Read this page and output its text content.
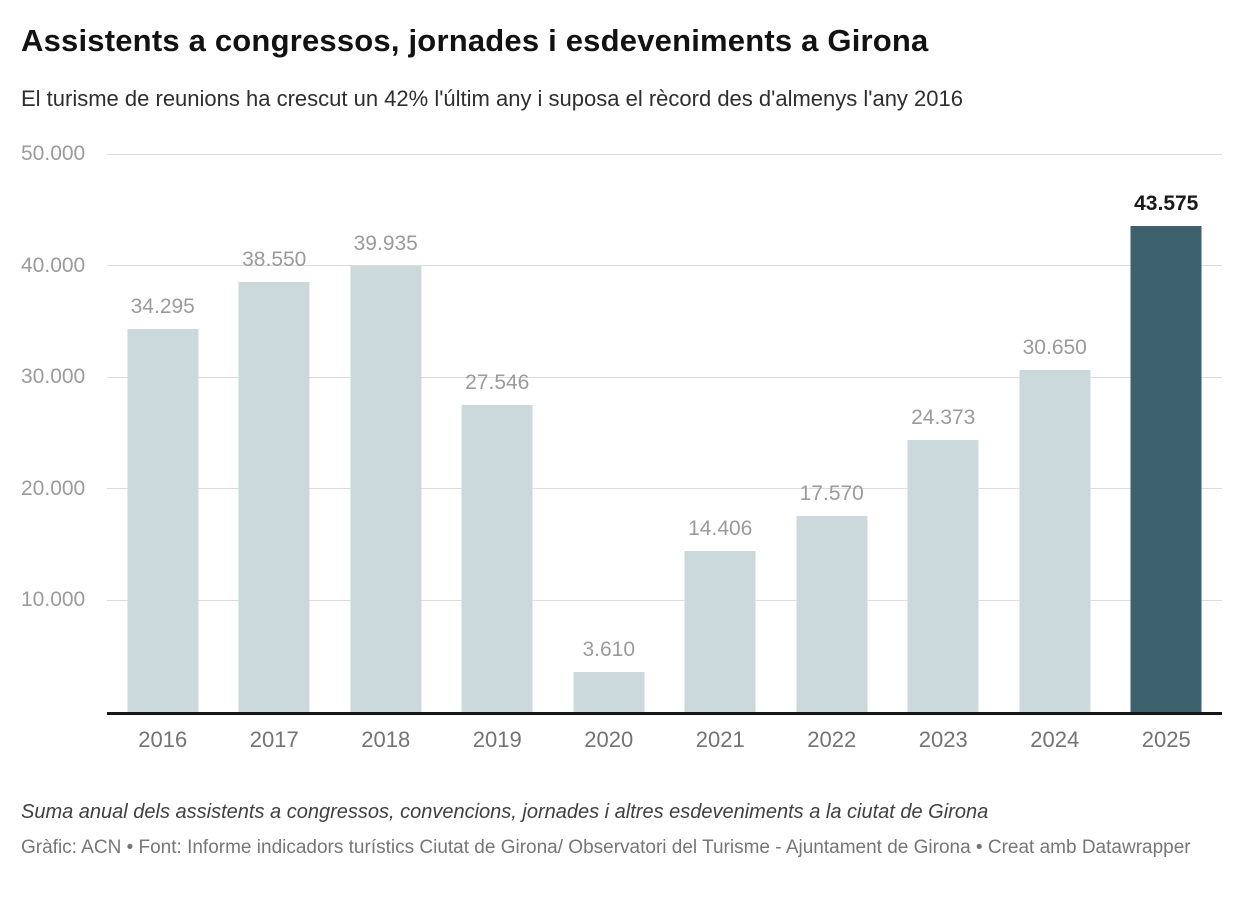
Assistents a congressos, jornades i esdeveniments a Girona

El turisme de reunions ha crescut un 42% l'últim any i suposa el rècord des d'almenys l'any 2016

34.295
38.550
39.935
27.546
3.610
14.406
17.570
24.373
30.650
43.575
2016	2017	2018	2019	2020	2021	2022	2023	2024	2025
10.000
20.000
30.000
40.000
50.000

Suma anual dels assistents a congressos, convencions, jornades i altres esdeveniments a la ciutat de Girona

Gràfic: ACN • Font: Informe indicadors turístics Ciutat de Girona/ Observatori del Turisme - Ajuntament de Girona • Creat amb Datawrapper
